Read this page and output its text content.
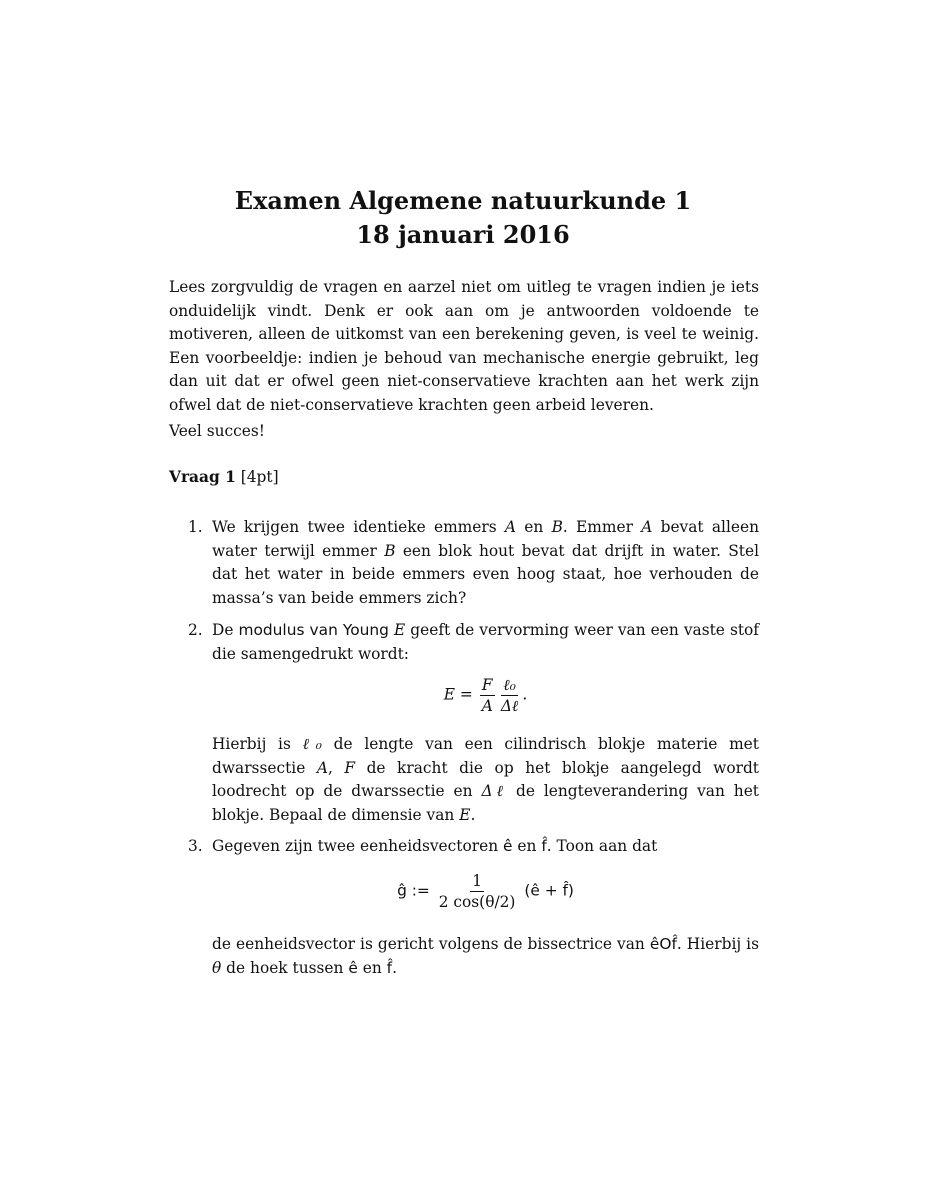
Examen Algemene natuurkunde 1
18 januari 2016
Lees zorgvuldig de vragen en aarzel niet om uitleg te vragen indien je iets onduidelijk vindt. Denk er ook aan om je antwoorden voldoende te motiveren, alleen de uitkomst van een berekening geven, is veel te weinig. Een voorbeeldje: indien je behoud van mechanische energie gebruikt, leg dan uit dat er ofwel geen niet-conservatieve krachten aan het werk zijn ofwel dat de niet-conservatieve krachten geen arbeid leveren.
Veel succes!
Vraag 1 [4pt]
1. We krijgen twee identieke emmers A en B. Emmer A bevat alleen water terwijl emmer B een blok hout bevat dat drijft in water. Stel dat het water in beide emmers even hoog staat, hoe verhouden de massa’s van beide emmers zich?
2. De modulus van Young E geeft de vervorming weer van een vaste stof die samengedrukt wordt:
$E = \frac{F}{A} \frac{\text{ℓ₀}}{\text{Δℓ}}$ .
Hierbij is ℓ₀ de lengte van een cilindrisch blokje materie met dwarssectie A, F de kracht die op het blokje aangelegd wordt loodrecht op de dwarssectie en Δℓ de lengteverandering van het blokje. Bepaal de dimensie van E.
3. Gegeven zijn twee eenheidsvectoren ê en f̂. Toon aan dat
ĝ := $\frac{1}{2 \cos(\theta/2)}$ (ê + f̂)
de eenheidsvector is gericht volgens de bissectrice van êOf̂. Hierbij is θ de hoek tussen ê en f̂.
